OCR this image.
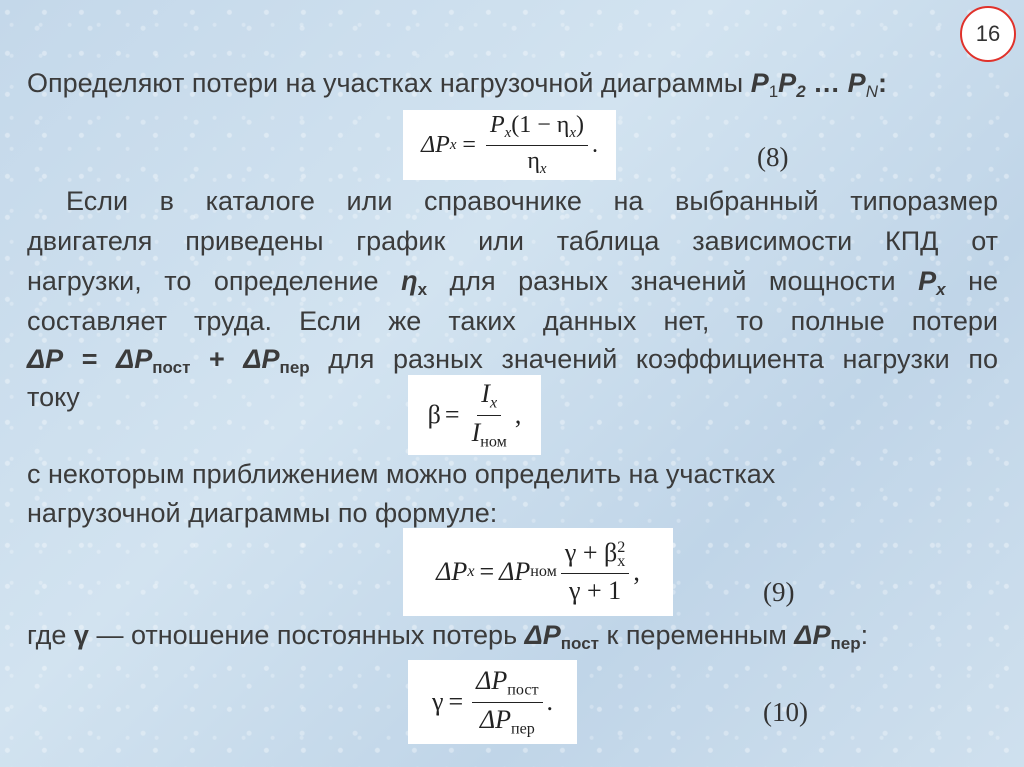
16
Определяют потери на участках нагрузочной диаграммы $P_1P_2$ … $P_N$:
ΔP $x = \frac{P_x(1 - \eta_x)}{\eta_x}$ .	(8)
Если в каталоге или справочнике на выбранный типоразмер
двигателя приведены график или таблица зависимости КПД от
нагрузки, то определение $\eta_x$ для разных значений мощности $P_x$ не
составляет труда. Если же таких данных нет, то полные потери
$\Delta P = \Delta P_{пост} + \Delta P_{пер}$ для разных значений коэффициента нагрузки по
току
$\beta = \frac{I_x}{I_{ном}}$ ,
с некоторым приближением можно определить на участках
нагрузочной диаграммы по формуле:
ΔP x = ΔP ном $\frac{\gamma + \beta^2_x}{\gamma + 1}$ ,
(9)
где γ — отношение постоянных потерь $\Delta P_{пост}$ к переменным $\Delta P_{пер}$:
$\gamma = \frac{\Delta P_{пост}}{\Delta P_{пер}}$ .	(10)
